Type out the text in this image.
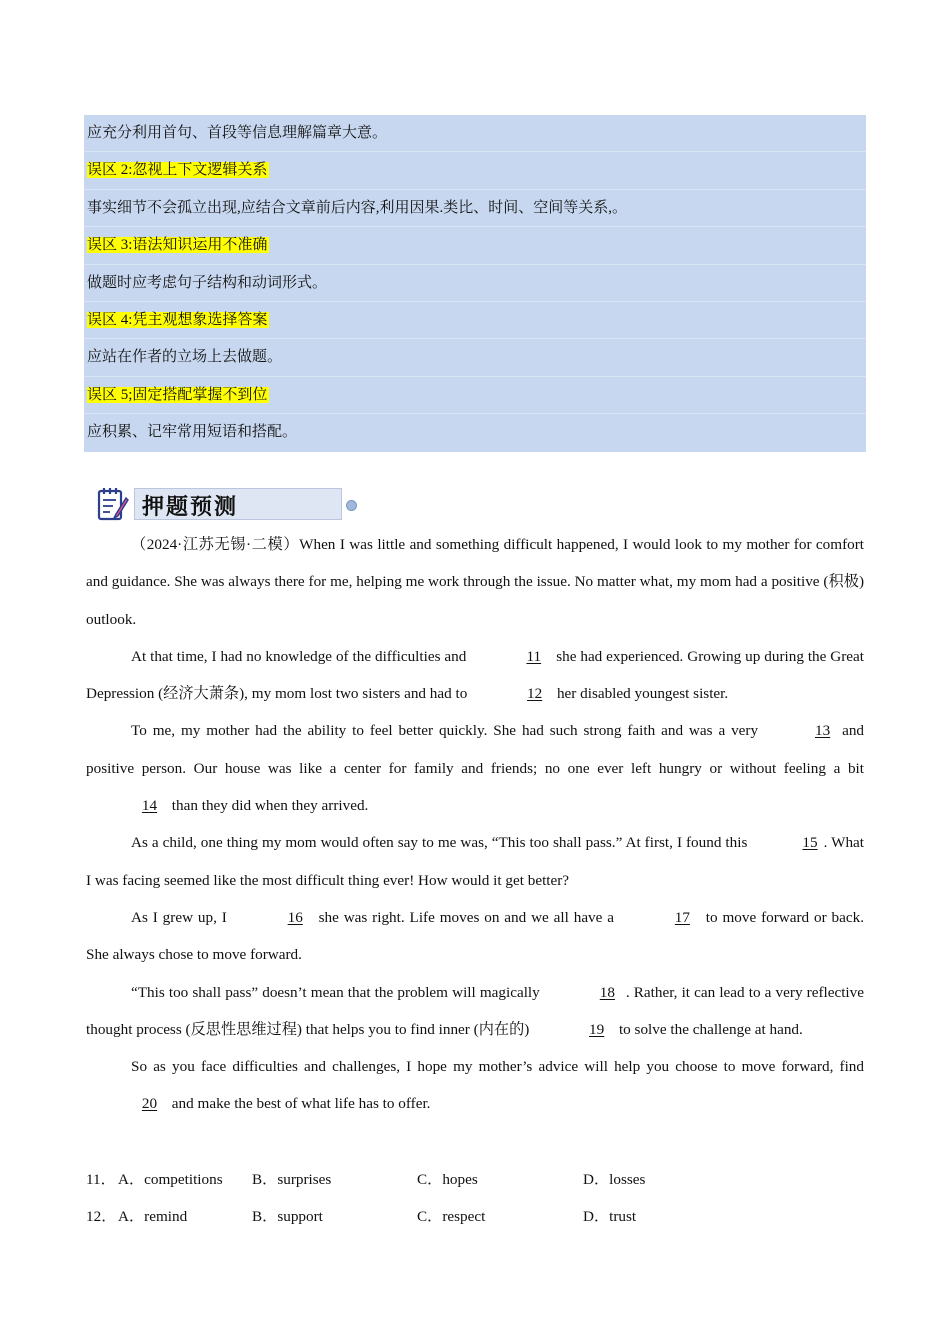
应充分利用首句、首段等信息理解篇章大意。
误区 2:忽视上下文逻辑关系
事实细节不会孤立出现,应结合文章前后内容,利用因果.类比、时间、空间等关系,。
误区 3:语法知识运用不准确
做题时应考虑句子结构和动词形式。
误区 4:凭主观想象选择答案
应站在作者的立场上去做题。
误区 5;固定搭配掌握不到位
应积累、记牢常用短语和搭配。
押题预测

（2024·江苏无锡·二模）When I was little and something difficult happened, I would look to my mother for comfort and guidance. She was always there for me, helping me work through the issue. No matter what, my mom had a positive (积极) outlook.

At that time, I had no knowledge of the difficulties and	11 she had experienced. Growing up during the Great Depression (经济大萧条), my mom lost two sisters and had to	12 her disabled youngest sister.

To me, my mother had the ability to feel better quickly. She had such strong faith and was a very	13 and positive person. Our house was like a center for family and friends; no one ever left hungry or without feeling a bit 14 than they did when they arrived.

As a child, one thing my mom would often say to me was, “This too shall pass.” At first, I found this	15 . What I was facing seemed like the most difficult thing ever! How would it get better?

As I grew up, I	16 she was right. Life moves on and we all have a	17 to move forward or back. She always chose to move forward.

“This too shall pass” doesn’t mean that the problem will magically	18 . Rather, it can lead to a very reflective thought process (反思性思维过程) that helps you to find inner (内在的)	19 to solve the challenge at hand.

So as you face difficulties and challenges, I hope my mother’s advice will help you choose to move forward, find 20 and make the best of what life has to offer.

11． A．competitions B．surprises	C．hopes	D．losses
12． A．remind	B．support	C．respect	D．trust
